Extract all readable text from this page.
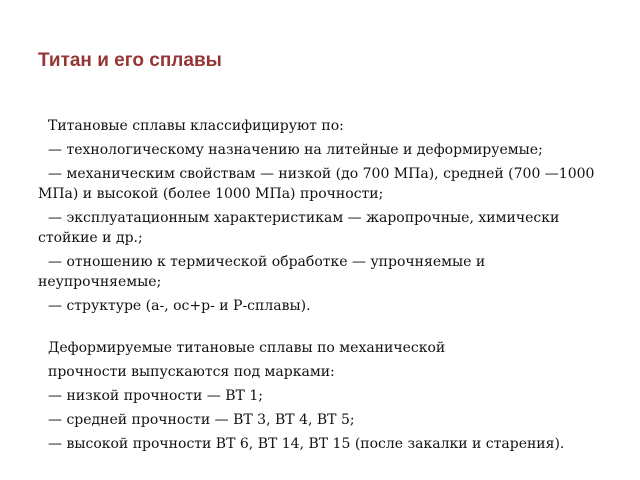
Титан и его сплавы

Титановые сплавы классифицируют по:

— технологическому назначению на литейные и деформируемые;

— механическим свойствам — низкой (до 700 МПа), средней (700 —1000 МПа) и высокой (более 1000 МПа) прочности;

— эксплуатационным характеристикам — жаропрочные, химически стойкие и др.;

— отношению к термической обработке — упрочняемые и неупрочняемые;

— структуре (а-, ос+р- и Р-сплавы).

Деформируемые титановые сплавы по механической

прочности выпускаются под марками:

— низкой прочности — ВТ 1;

— средней прочности — ВТ 3, ВТ 4, ВТ 5;

— высокой прочности ВТ 6, ВТ 14, ВТ 15 (после закалки и старения).
